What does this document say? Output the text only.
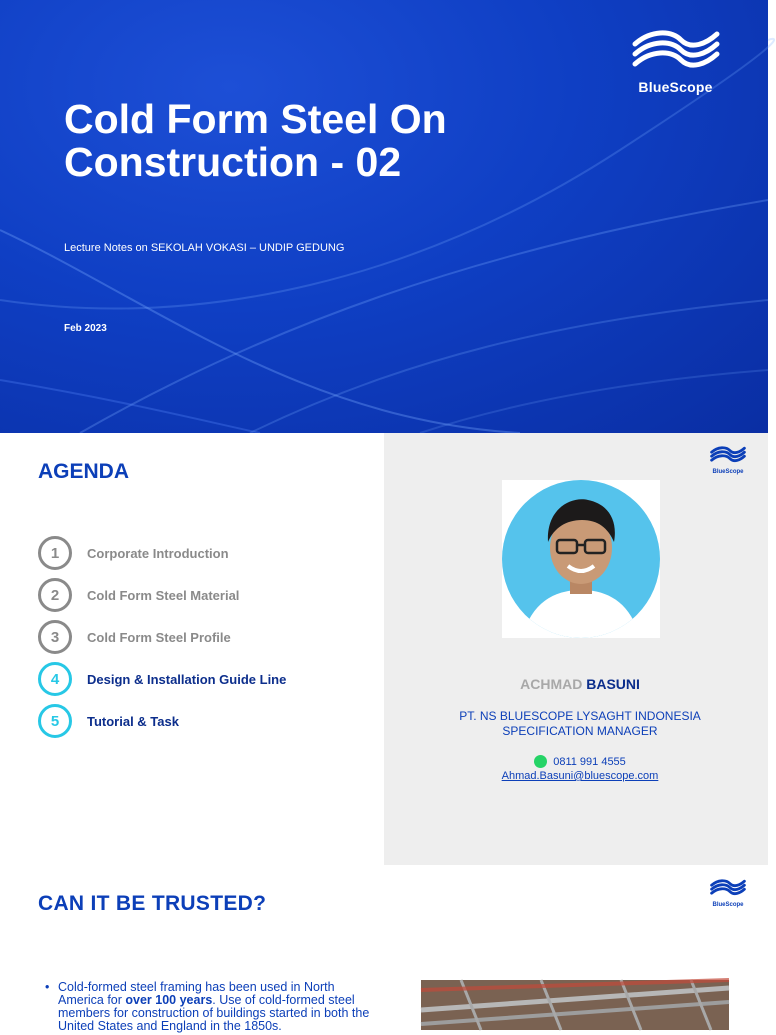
BlueScope
Cold Form Steel On Construction - 02
Lecture Notes on SEKOLAH VOKASI – UNDIP GEDUNG
Feb 2023
AGENDA
1	Corporate Introduction
2	Cold Form Steel Material
3	Cold Form Steel Profile
4	Design & Installation Guide Line
5	Tutorial & Task
BlueScope
ACHMAD BASUNI
PT. NS BLUESCOPE LYSAGHT INDONESIA
SPECIFICATION MANAGER
0811 991 4555
Ahmad.Basuni@bluescope.com
CAN IT BE TRUSTED?	BlueScope
• Cold-formed steel framing has been used in North America for over 100 years. Use of cold-formed steel members for construction of buildings started in both the United States and England in the 1850s.
